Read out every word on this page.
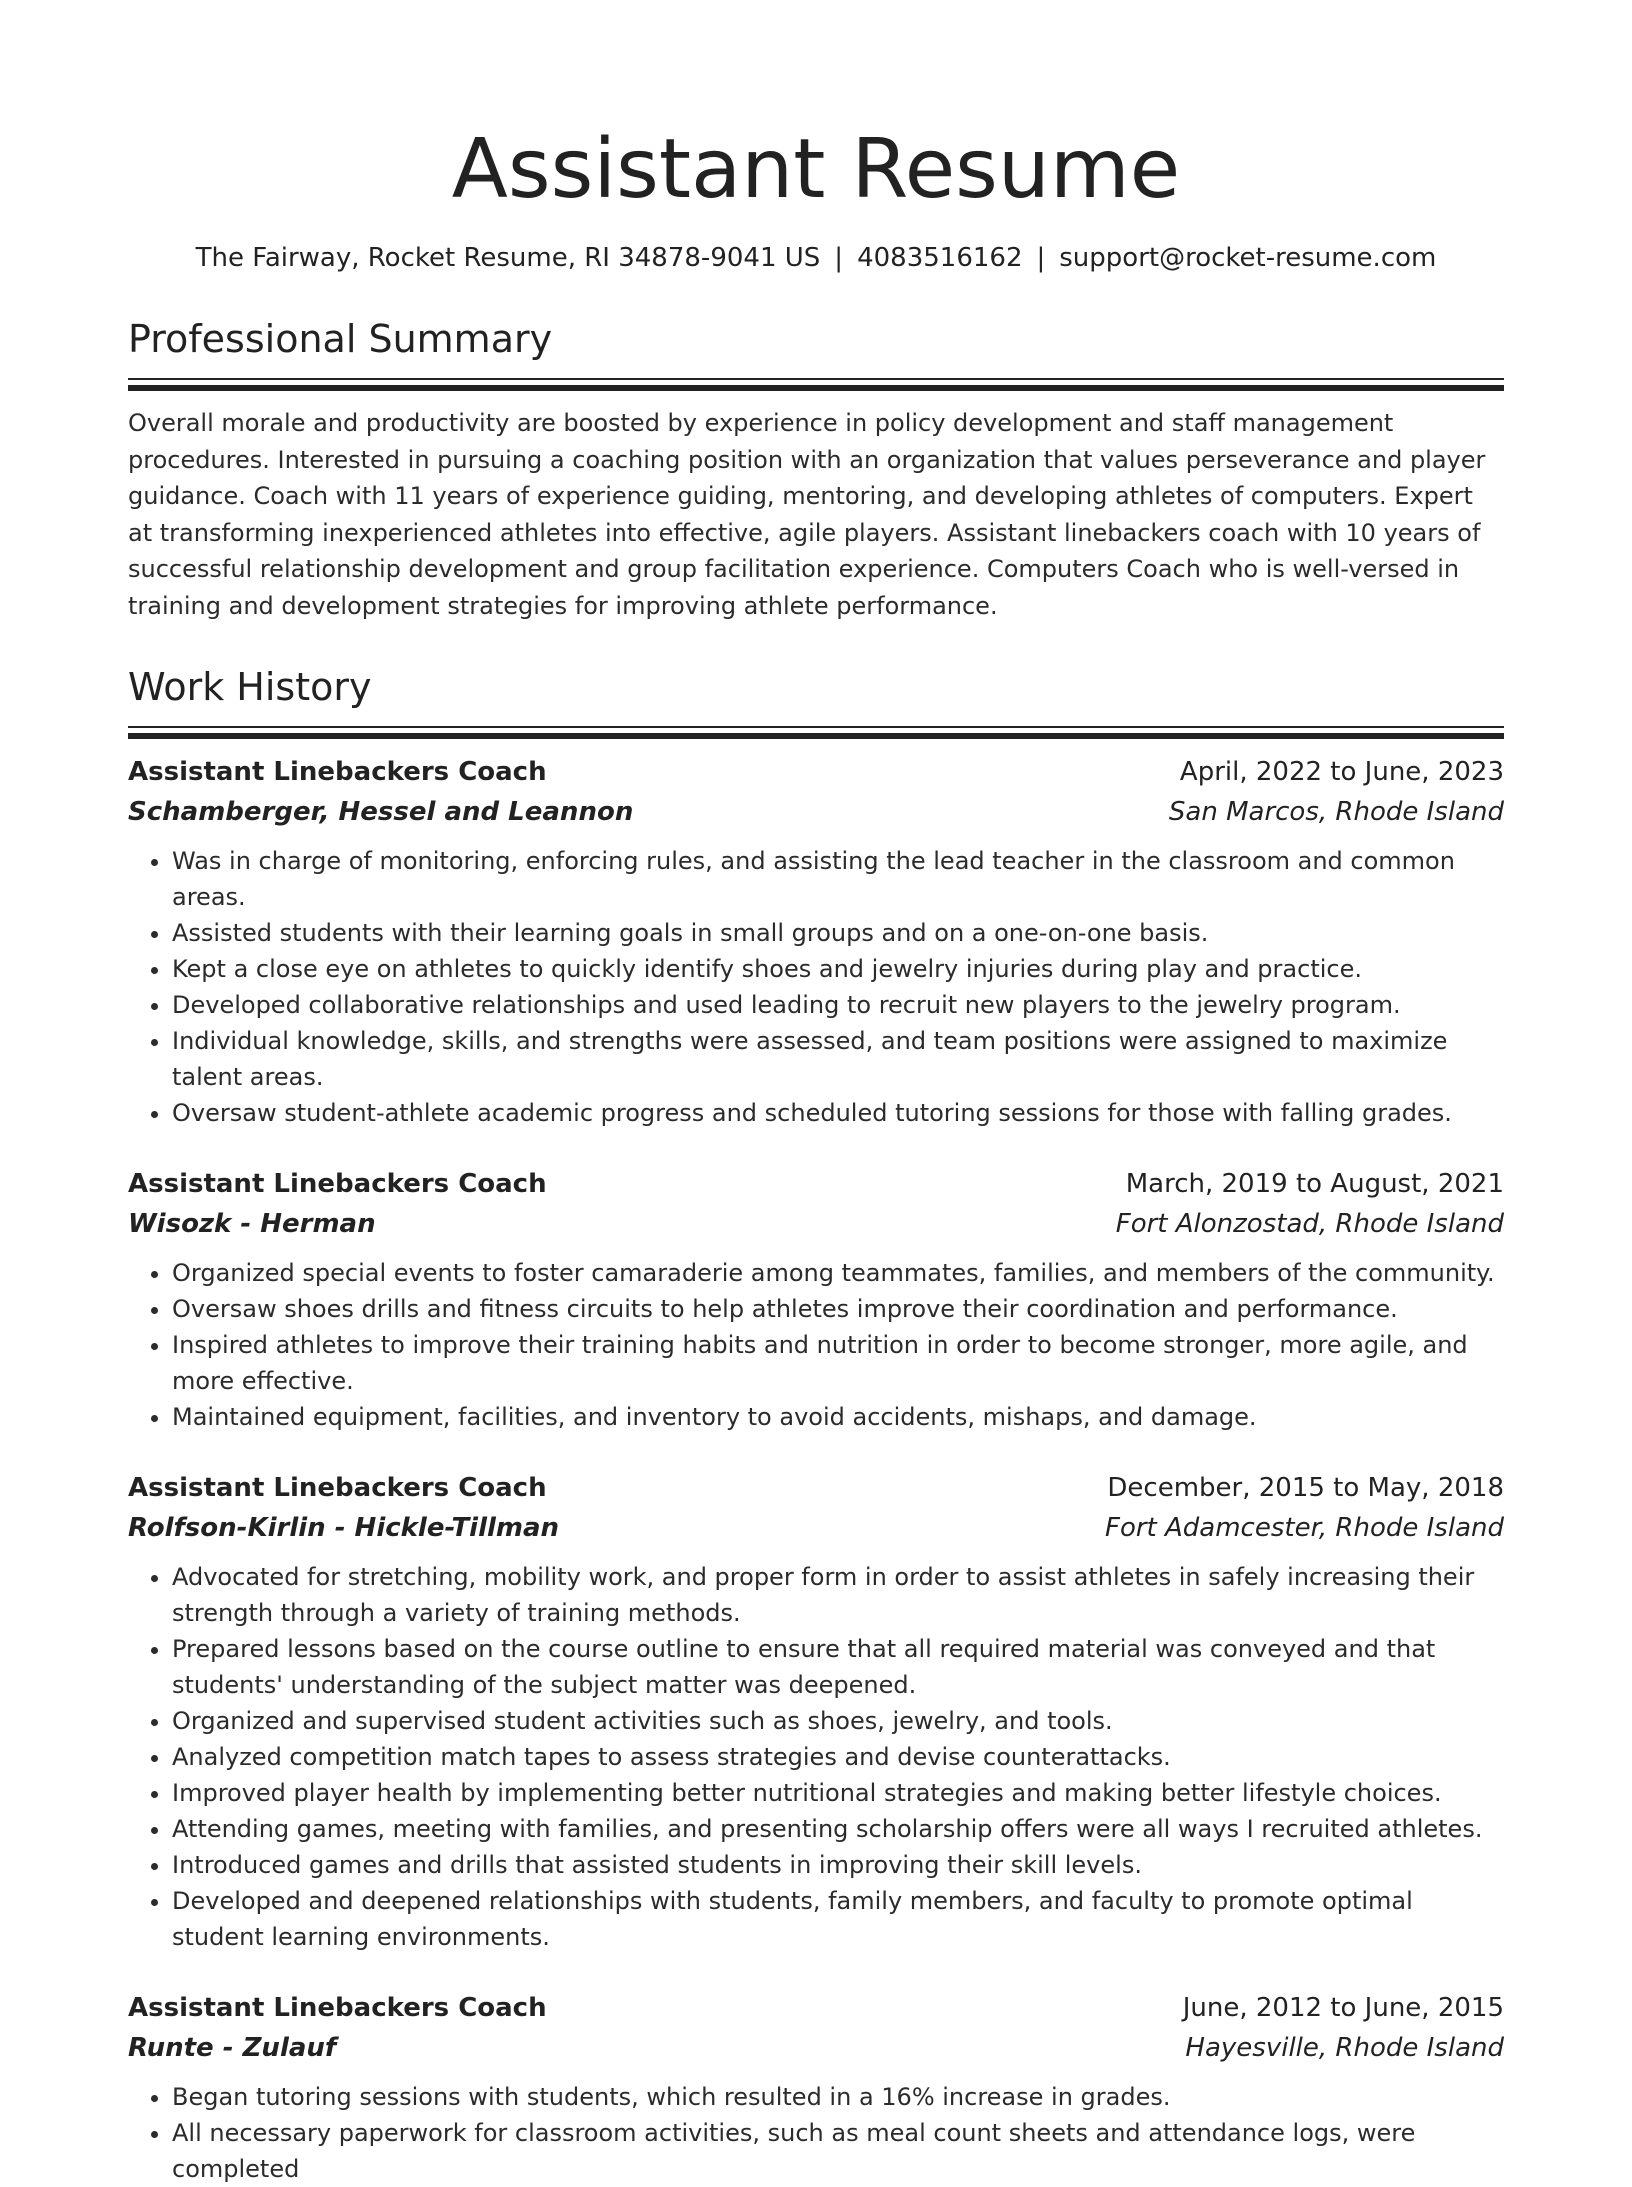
Assistant Resume
The Fairway, Rocket Resume, RI 34878-9041 US | 4083516162 | support@rocket-resume.com
Professional Summary
Overall morale and productivity are boosted by experience in policy development and staff management procedures. Interested in pursuing a coaching position with an organization that values perseverance and player guidance. Coach with 11 years of experience guiding, mentoring, and developing athletes of computers. Expert at transforming inexperienced athletes into effective, agile players. Assistant linebackers coach with 10 years of successful relationship development and group facilitation experience. Computers Coach who is well-versed in training and development strategies for improving athlete performance.
Work History
Assistant Linebackers Coach	April, 2022 to June, 2023
Schamberger, Hessel and Leannon	San Marcos, Rhode Island
• Was in charge of monitoring, enforcing rules, and assisting the lead teacher in the classroom and common areas.
• Assisted students with their learning goals in small groups and on a one-on-one basis.
• Kept a close eye on athletes to quickly identify shoes and jewelry injuries during play and practice.
• Developed collaborative relationships and used leading to recruit new players to the jewelry program.
• Individual knowledge, skills, and strengths were assessed, and team positions were assigned to maximize talent areas.
• Oversaw student-athlete academic progress and scheduled tutoring sessions for those with falling grades.
Assistant Linebackers Coach	March, 2019 to August, 2021
Wisozk - Herman	Fort Alonzostad, Rhode Island
• Organized special events to foster camaraderie among teammates, families, and members of the community.
• Oversaw shoes drills and fitness circuits to help athletes improve their coordination and performance.
• Inspired athletes to improve their training habits and nutrition in order to become stronger, more agile, and more effective.
• Maintained equipment, facilities, and inventory to avoid accidents, mishaps, and damage.
Assistant Linebackers Coach	December, 2015 to May, 2018
Rolfson-Kirlin - Hickle-Tillman	Fort Adamcester, Rhode Island
• Advocated for stretching, mobility work, and proper form in order to assist athletes in safely increasing their strength through a variety of training methods.
• Prepared lessons based on the course outline to ensure that all required material was conveyed and that students' understanding of the subject matter was deepened.
• Organized and supervised student activities such as shoes, jewelry, and tools.
• Analyzed competition match tapes to assess strategies and devise counterattacks.
• Improved player health by implementing better nutritional strategies and making better lifestyle choices.
• Attending games, meeting with families, and presenting scholarship offers were all ways I recruited athletes.
• Introduced games and drills that assisted students in improving their skill levels.
• Developed and deepened relationships with students, family members, and faculty to promote optimal student learning environments.
Assistant Linebackers Coach	June, 2012 to June, 2015
Runte - Zulauf	Hayesville, Rhode Island
• Began tutoring sessions with students, which resulted in a 16% increase in grades.
• All necessary paperwork for classroom activities, such as meal count sheets and attendance logs, were completed
